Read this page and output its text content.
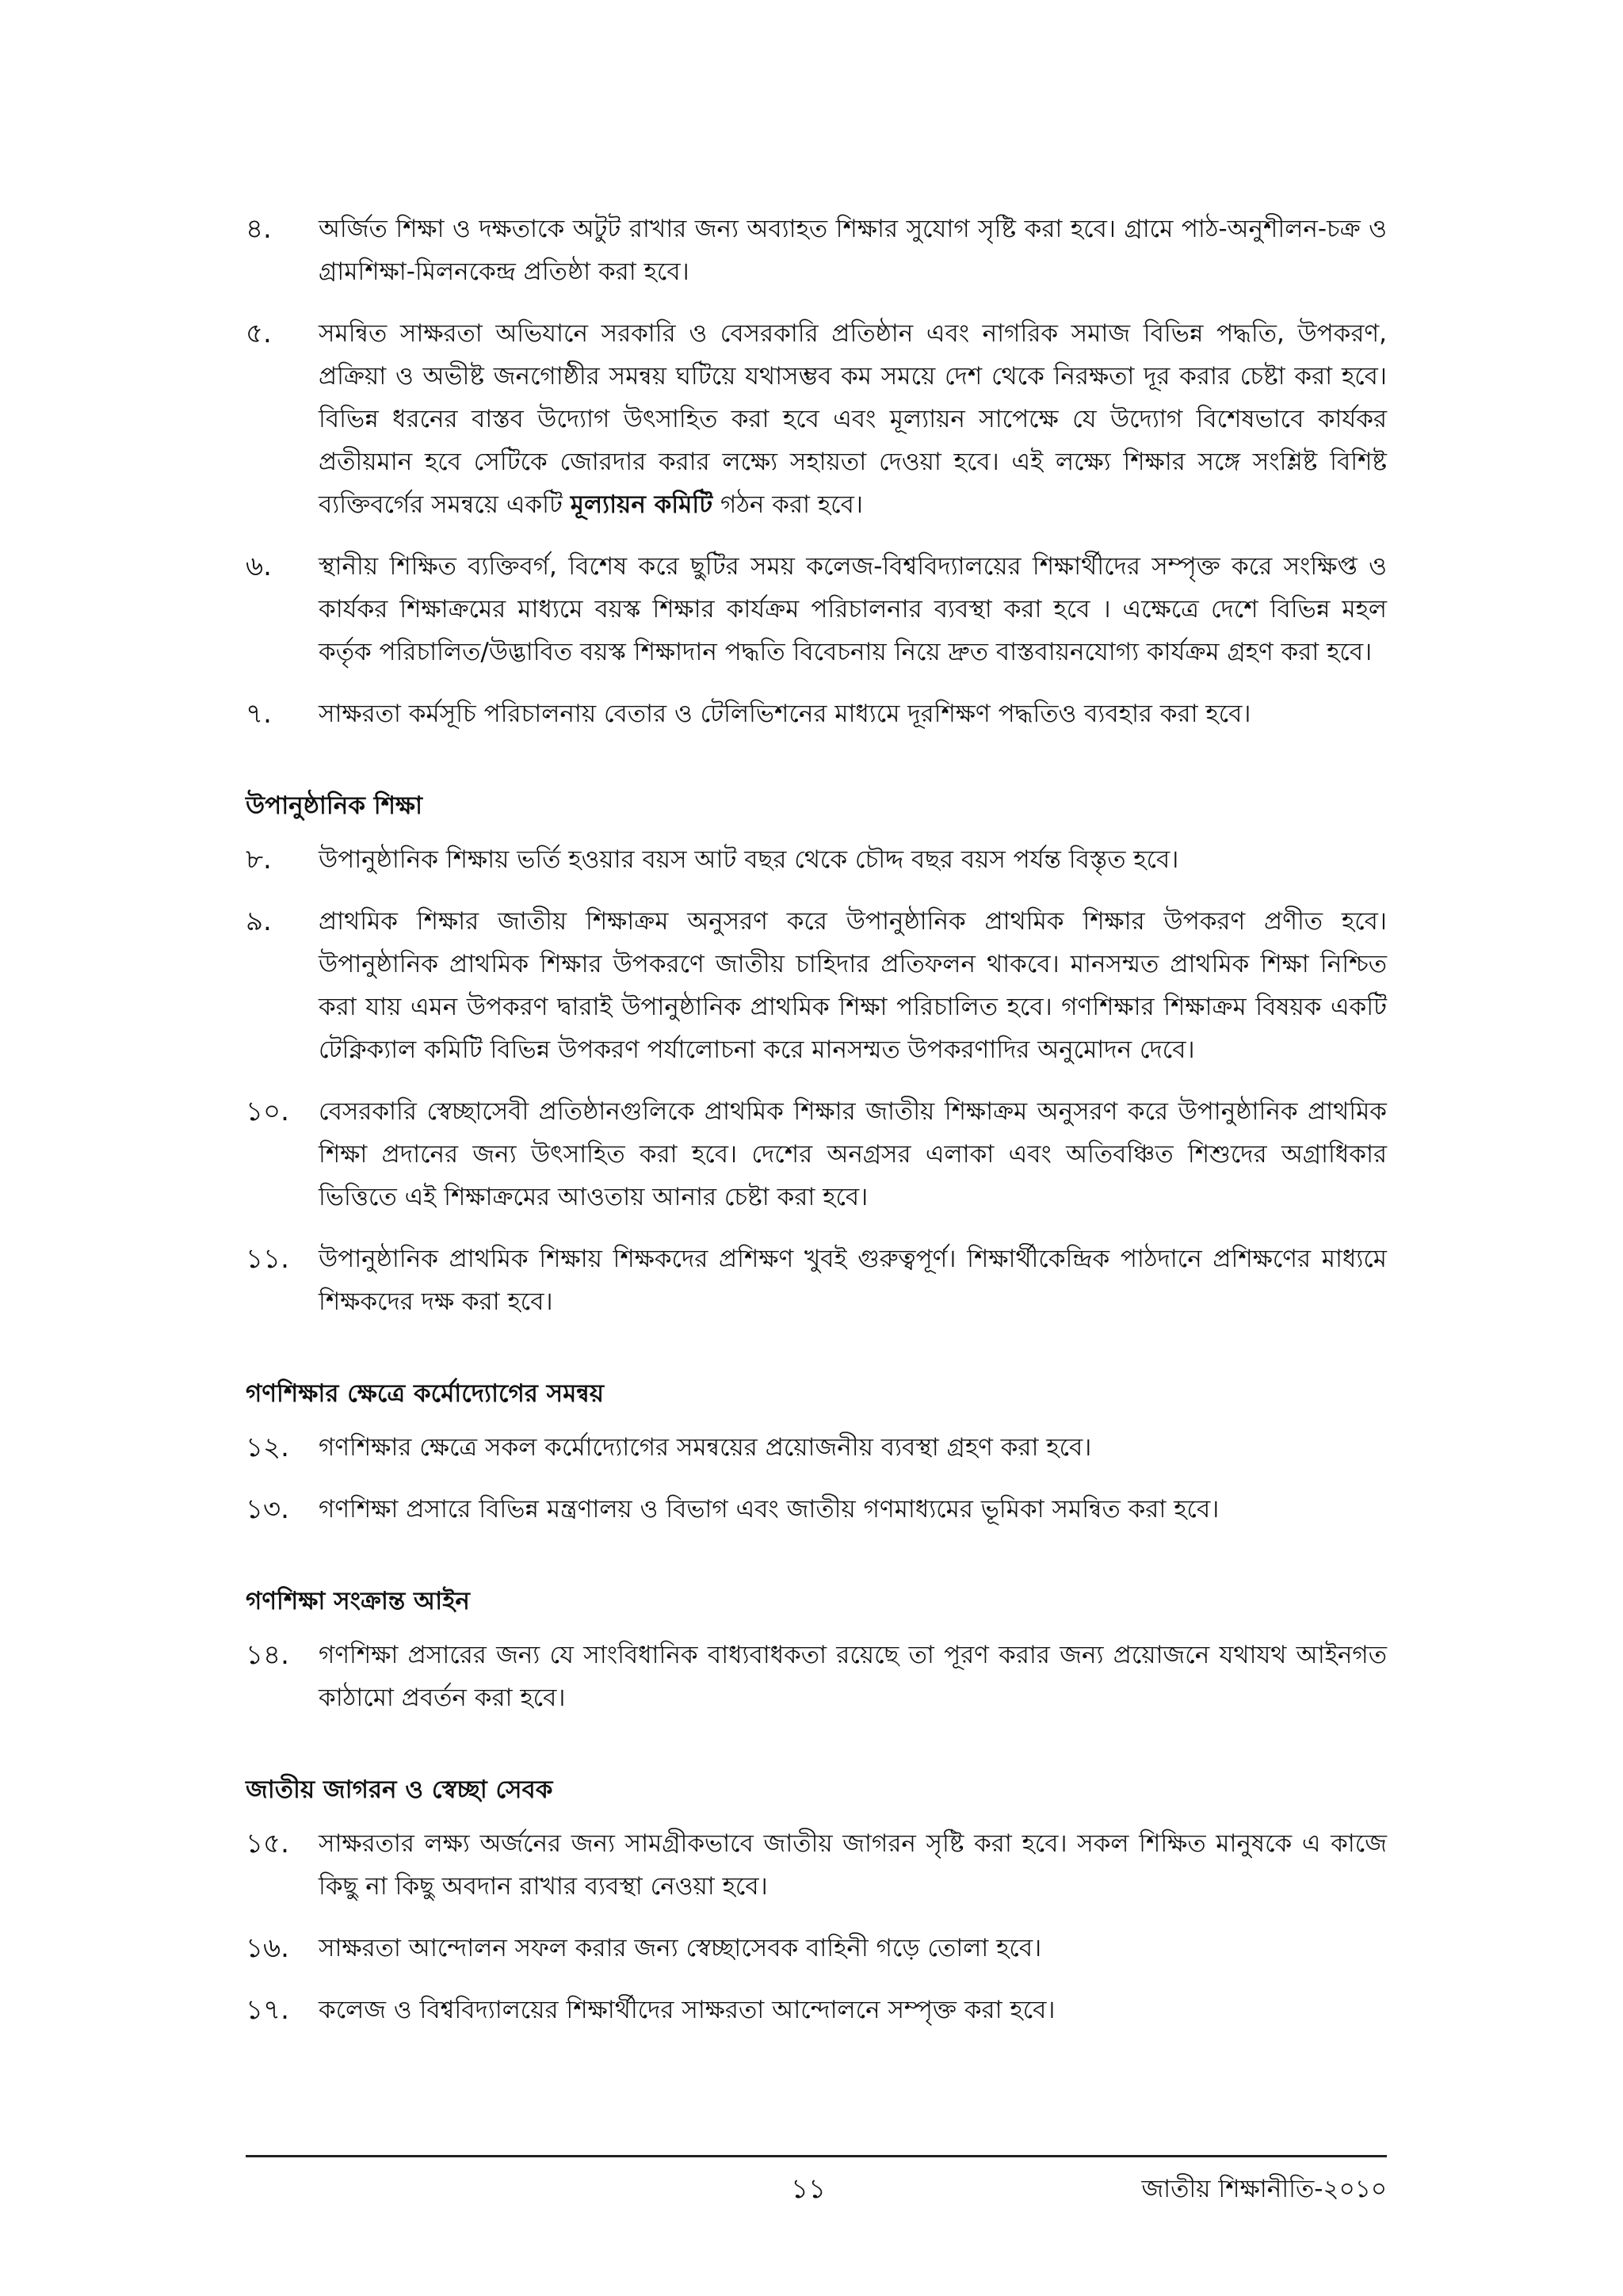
৪.	অর্জিত শিক্ষা ও দক্ষতাকে অটুট রাখার জন্য অব্যাহত শিক্ষার সুযোগ সৃষ্টি করা হবে। গ্রামে পাঠ-অনুশীলন-চক্র ও গ্রামশিক্ষা-মিলনকেন্দ্র প্রতিষ্ঠা করা হবে।
৫.	সমন্বিত সাক্ষরতা অভিযানে সরকারি ও বেসরকারি প্রতিষ্ঠান এবং নাগরিক সমাজ বিভিন্ন পদ্ধতি, উপকরণ, প্রক্রিয়া ও অভীষ্ট জনগোষ্ঠীর সমন্বয় ঘটিয়ে যথাসম্ভব কম সময়ে দেশ থেকে নিরক্ষতা দূর করার চেষ্টা করা হবে। বিভিন্ন ধরনের বাস্তব উদ্যোগ উৎসাহিত করা হবে এবং মূল্যায়ন সাপেক্ষে যে উদ্যোগ বিশেষভাবে কার্যকর প্রতীয়মান হবে সেটিকে জোরদার করার লক্ষ্যে সহায়তা দেওয়া হবে। এই লক্ষ্যে শিক্ষার সঙ্গে সংশ্লিষ্ট বিশিষ্ট ব্যক্তিবর্গের সমন্বয়ে একটি মূল্যায়ন কমিটি গঠন করা হবে।
৬.	স্থানীয় শিক্ষিত ব্যক্তিবর্গ, বিশেষ করে ছুটির সময় কলেজ-বিশ্ববিদ্যালয়ের শিক্ষার্থীদের সম্পৃক্ত করে সংক্ষিপ্ত ও কার্যকর শিক্ষাক্রমের মাধ্যমে বয়স্ক শিক্ষার কার্যক্রম পরিচালনার ব্যবস্থা করা হবে । এক্ষেত্রে দেশে বিভিন্ন মহল কর্তৃক পরিচালিত/উদ্ভাবিত বয়স্ক শিক্ষাদান পদ্ধতি বিবেচনায় নিয়ে দ্রুত বাস্তবায়নযোগ্য কার্যক্রম গ্রহণ করা হবে।
৭.	সাক্ষরতা কর্মসূচি পরিচালনায় বেতার ও টেলিভিশনের মাধ্যমে দূরশিক্ষণ পদ্ধতিও ব্যবহার করা হবে।
উপানুষ্ঠানিক শিক্ষা
৮.	উপানুষ্ঠানিক শিক্ষায় ভর্তি হওয়ার বয়স আট বছর থেকে চৌদ্দ বছর বয়স পর্যন্ত বিস্তৃত হবে।
৯.	প্রাথমিক শিক্ষার জাতীয় শিক্ষাক্রম অনুসরণ করে উপানুষ্ঠানিক প্রাথমিক শিক্ষার উপকরণ প্রণীত হবে। উপানুষ্ঠানিক প্রাথমিক শিক্ষার উপকরণে জাতীয় চাহিদার প্রতিফলন থাকবে। মানসম্মত প্রাথমিক শিক্ষা নিশ্চিত করা যায় এমন উপকরণ দ্বারাই উপানুষ্ঠানিক প্রাথমিক শিক্ষা পরিচালিত হবে। গণশিক্ষার শিক্ষাক্রম বিষয়ক একটি টেক্নিক্যাল কমিটি বিভিন্ন উপকরণ পর্যালোচনা করে মানসম্মত উপকরণাদির অনুমোদন দেবে।
১০.	বেসরকারি স্বেচ্ছাসেবী প্রতিষ্ঠানগুলিকে প্রাথমিক শিক্ষার জাতীয় শিক্ষাক্রম অনুসরণ করে উপানুষ্ঠানিক প্রাথমিক শিক্ষা প্রদানের জন্য উৎসাহিত করা হবে। দেশের অনগ্রসর এলাকা এবং অতিবঞ্চিত শিশুদের অগ্রাধিকার ভিত্তিতে এই শিক্ষাক্রমের আওতায় আনার চেষ্টা করা হবে।
১১.	উপানুষ্ঠানিক প্রাথমিক শিক্ষায় শিক্ষকদের প্রশিক্ষণ খুবই গুরুত্বপূর্ণ। শিক্ষার্থীকেন্দ্রিক পাঠদানে প্রশিক্ষণের মাধ্যমে শিক্ষকদের দক্ষ করা হবে।
গণশিক্ষার ক্ষেত্রে কর্মোদ্যোগের সমন্বয়
১২.	গণশিক্ষার ক্ষেত্রে সকল কর্মোদ্যোগের সমন্বয়ের প্রয়োজনীয় ব্যবস্থা গ্রহণ করা হবে।
১৩.	গণশিক্ষা প্রসারে বিভিন্ন মন্ত্রণালয় ও বিভাগ এবং জাতীয় গণমাধ্যমের ভূমিকা সমন্বিত করা হবে।
গণশিক্ষা সংক্রান্ত আইন
১৪.	গণশিক্ষা প্রসারের জন্য যে সাংবিধানিক বাধ্যবাধকতা রয়েছে তা পূরণ করার জন্য প্রয়োজনে যথাযথ আইনগত কাঠামো প্রবর্তন করা হবে।
জাতীয় জাগরন ও স্বেচ্ছা সেবক
১৫.	সাক্ষরতার লক্ষ্য অর্জনের জন্য সামগ্রীকভাবে জাতীয় জাগরন সৃষ্টি করা হবে। সকল শিক্ষিত মানুষকে এ কাজে কিছু না কিছু অবদান রাখার ব্যবস্থা নেওয়া হবে।
১৬.	সাক্ষরতা আন্দোলন সফল করার জন্য স্বেচ্ছাসেবক বাহিনী গড়ে তোলা হবে।
১৭.	কলেজ ও বিশ্ববিদ্যালয়ের শিক্ষার্থীদের সাক্ষরতা আন্দোলনে সম্পৃক্ত করা হবে।
১১	জাতীয় শিক্ষানীতি-২০১০
